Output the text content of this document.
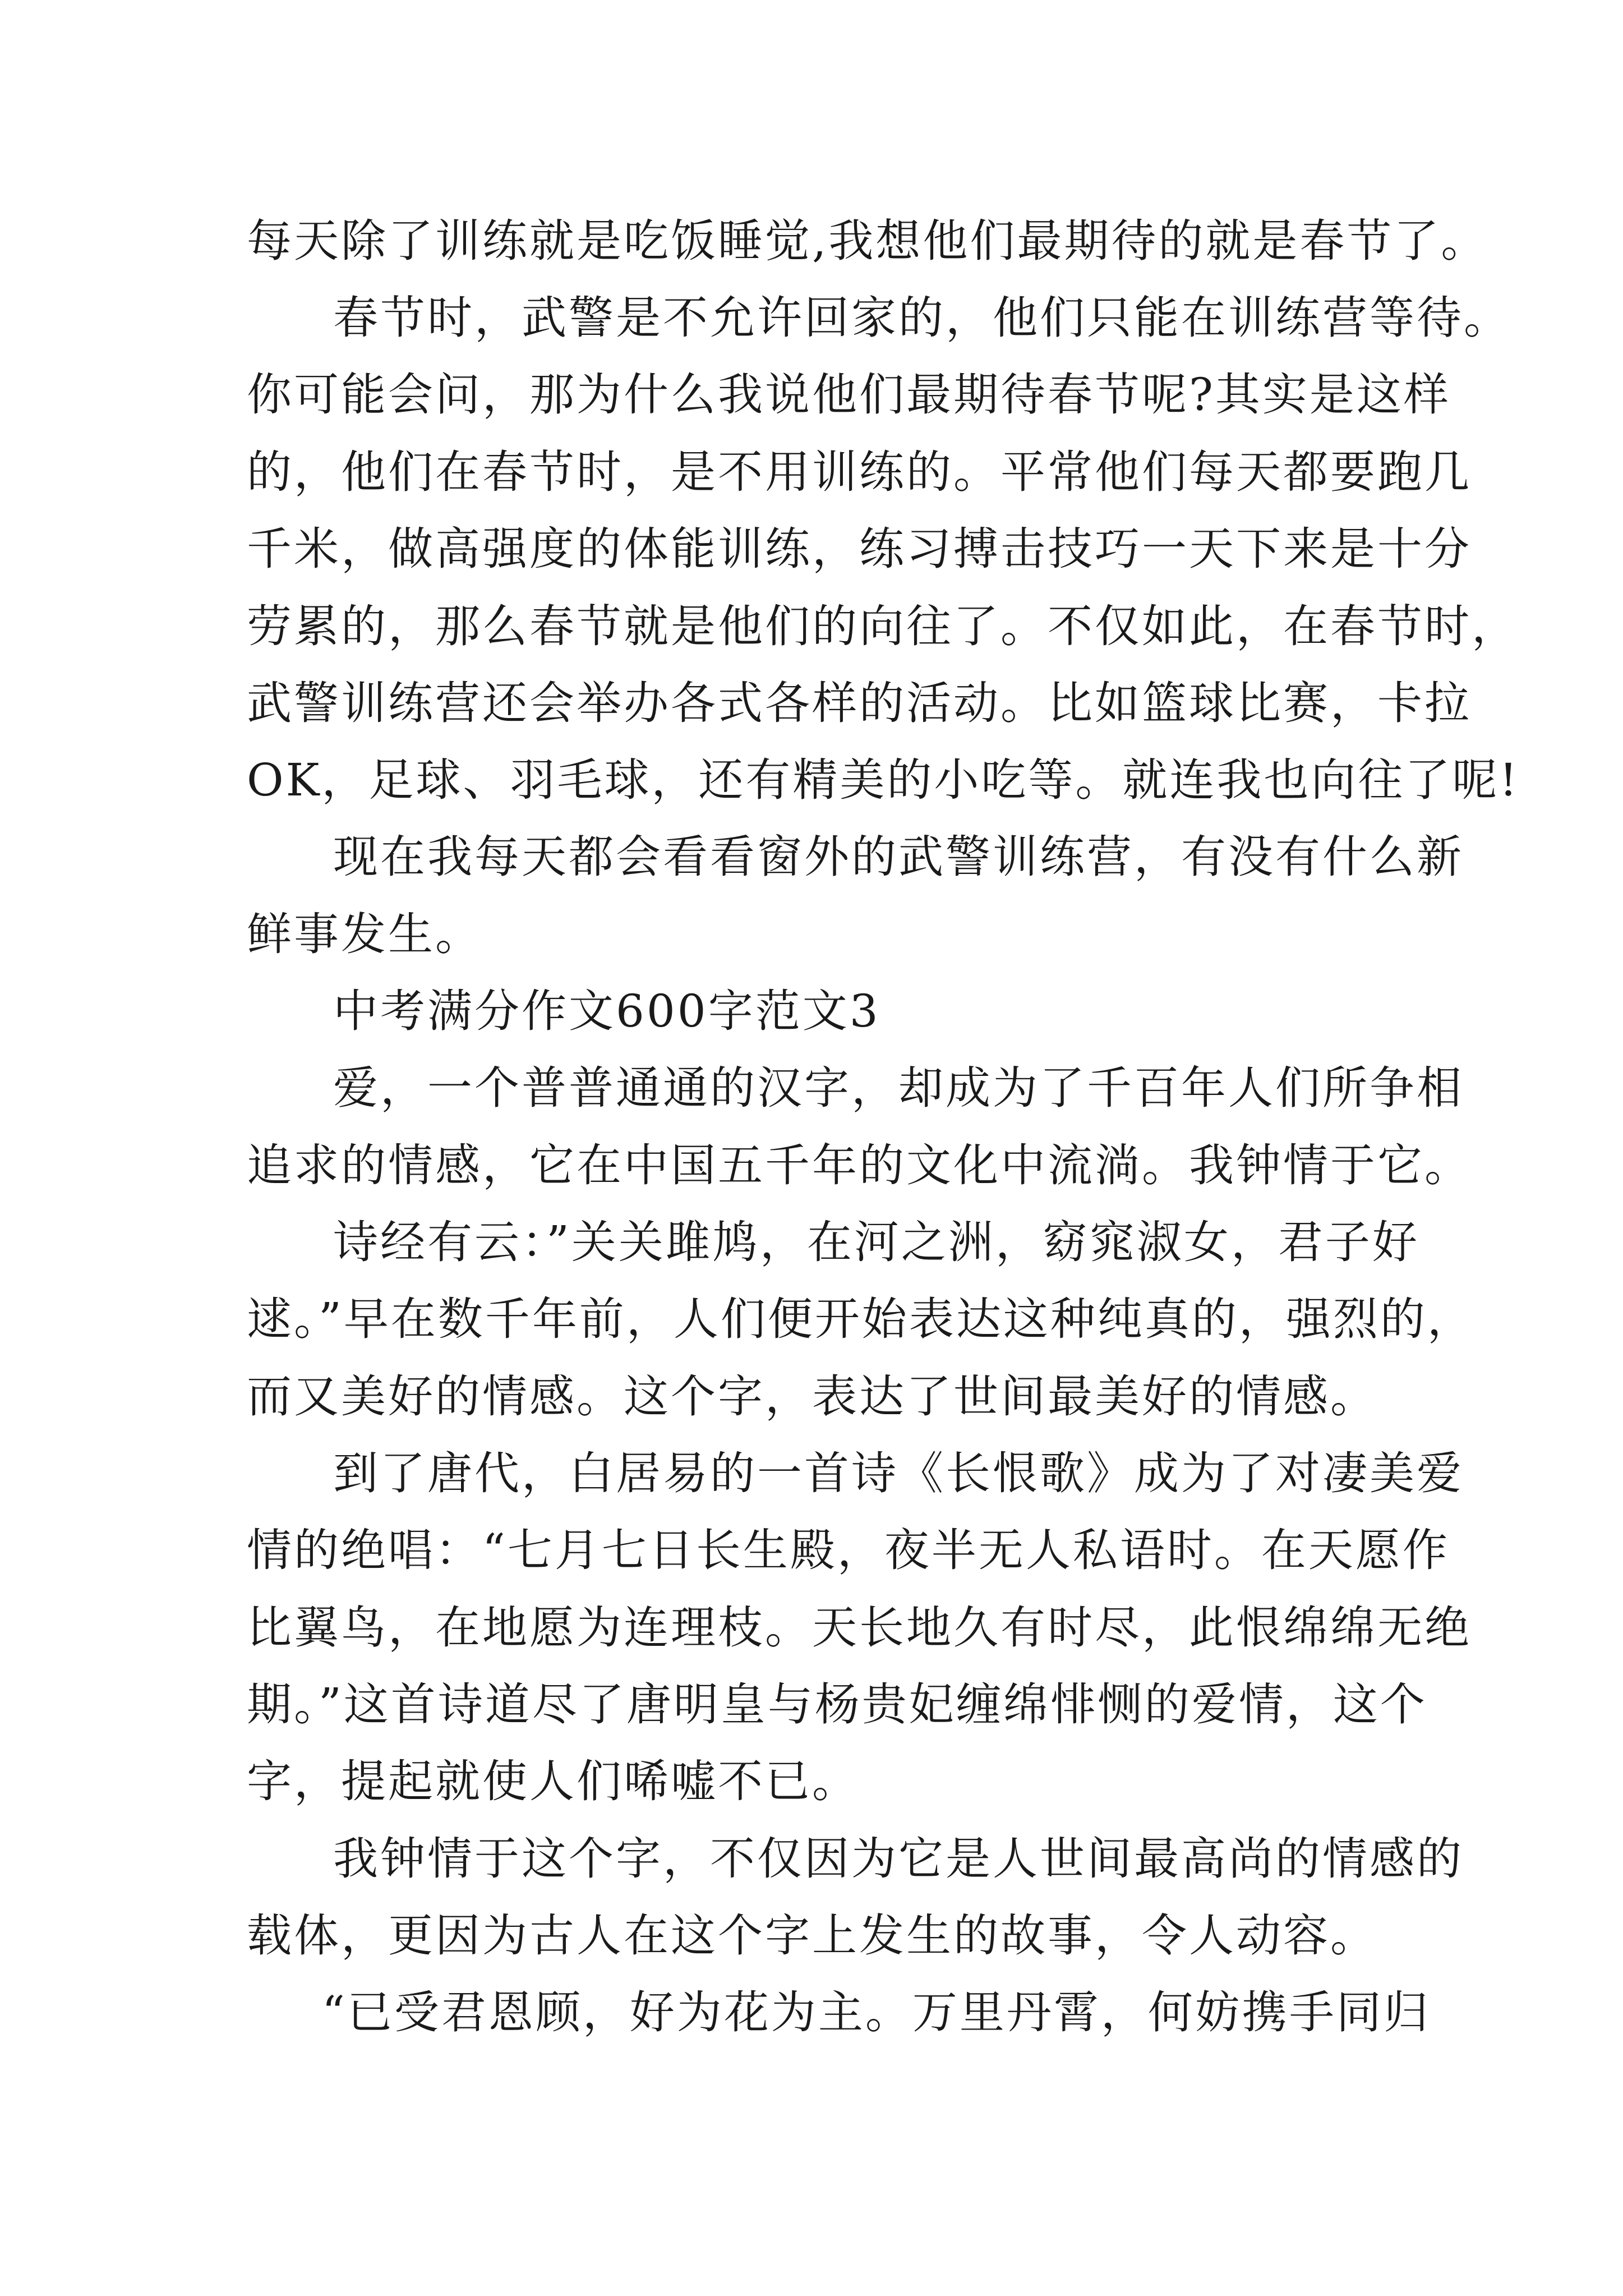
每天除了训练就是吃饭睡觉,我想他们最期待的就是春节了。
春节时，武警是不允许回家的，他们只能在训练营等待。
你可能会问，那为什么我说他们最期待春节呢?其实是这样
的，他们在春节时，是不用训练的。平常他们每天都要跑几
千米，做高强度的体能训练，练习搏击技巧一天下来是十分
劳累的，那么春节就是他们的向往了。不仅如此，在春节时，
武警训练营还会举办各式各样的活动。比如篮球比赛，卡拉
OK，足球、羽毛球，还有精美的小吃等。就连我也向往了呢!
现在我每天都会看看窗外的武警训练营，有没有什么新
鲜事发生。
中考满分作文600字范文3
爱，一个普普通通的汉字，却成为了千百年人们所争相
追求的情感，它在中国五千年的文化中流淌。我钟情于它。
诗经有云：”关关雎鸠，在河之洲，窈窕淑女，君子好
逑。”早在数千年前，人们便开始表达这种纯真的，强烈的，
而又美好的情感。这个字，表达了世间最美好的情感。
到了唐代，白居易的一首诗《长恨歌》成为了对凄美爱
情的绝唱：“七月七日长生殿，夜半无人私语时。在天愿作
比翼鸟，在地愿为连理枝。天长地久有时尽，此恨绵绵无绝
期。”这首诗道尽了唐明皇与杨贵妃缠绵悱恻的爱情，这个
字，提起就使人们唏嘘不已。
我钟情于这个字，不仅因为它是人世间最高尚的情感的
载体，更因为古人在这个字上发生的故事，令人动容。
“已受君恩顾，好为花为主。万里丹霄，何妨携手同归
